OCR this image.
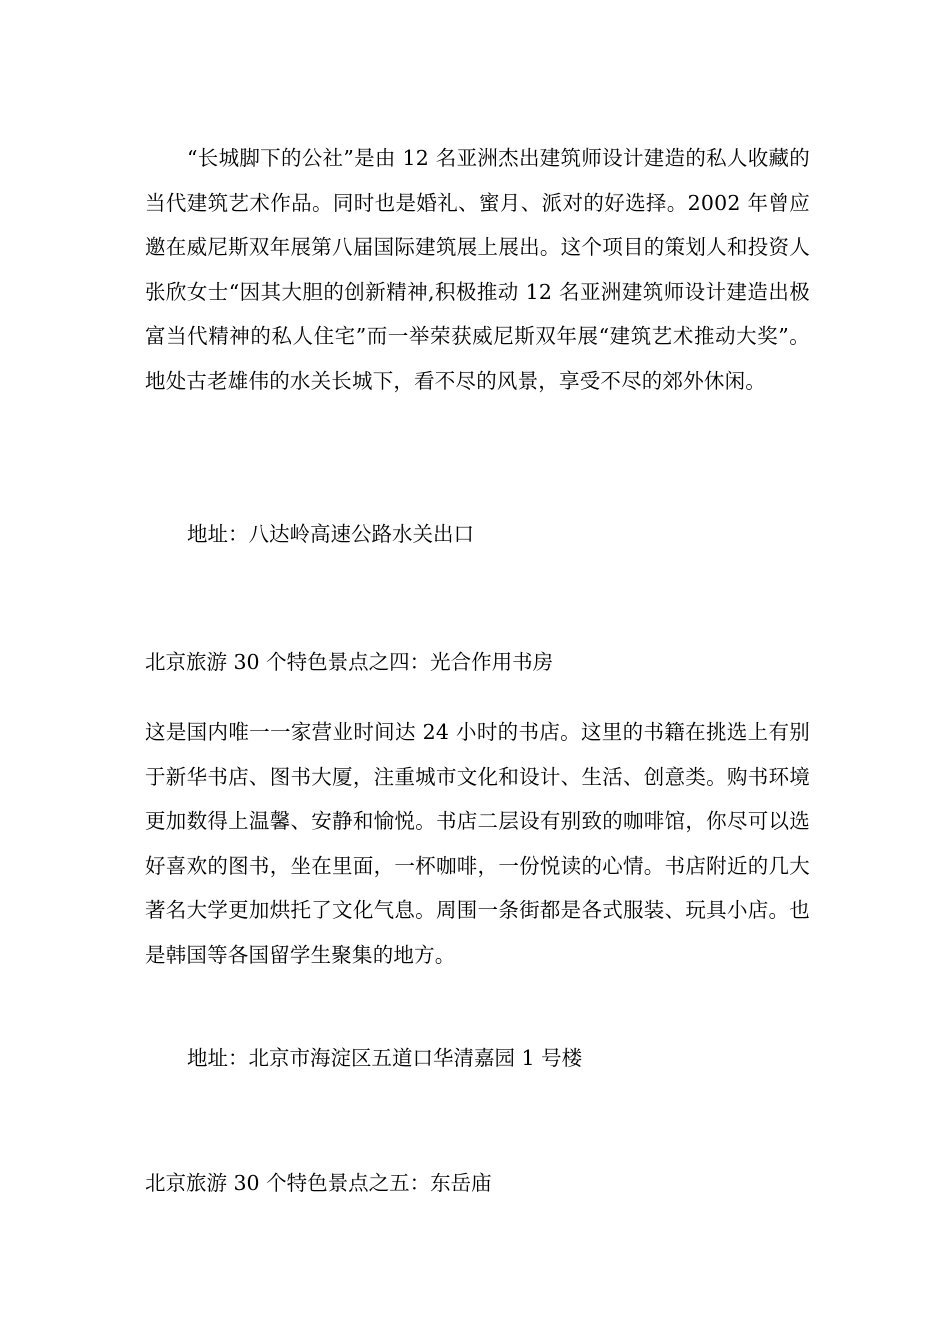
“长城脚下的公社”是由 12 名亚洲杰出建筑师设计建造的私人收藏的当代建筑艺术作品。同时也是婚礼、蜜月、派对的好选择。2002 年曾应邀在威尼斯双年展第八届国际建筑展上展出。这个项目的策划人和投资人张欣女士“因其大胆的创新精神,积极推动 12 名亚洲建筑师设计建造出极富当代精神的私人住宅”而一举荣获威尼斯双年展“建筑艺术推动大奖”。地处古老雄伟的水关长城下，看不尽的风景，享受不尽的郊外休闲。

地址：八达岭高速公路水关出口

北京旅游 30 个特色景点之四：光合作用书房

这是国内唯一一家营业时间达 24 小时的书店。这里的书籍在挑选上有别于新华书店、图书大厦，注重城市文化和设计、生活、创意类。购书环境更加数得上温馨、安静和愉悦。书店二层设有别致的咖啡馆，你尽可以选好喜欢的图书，坐在里面，一杯咖啡，一份悦读的心情。书店附近的几大著名大学更加烘托了文化气息。周围一条街都是各式服装、玩具小店。也是韩国等各国留学生聚集的地方。

地址：北京市海淀区五道口华清嘉园 1 号楼

北京旅游 30 个特色景点之五：东岳庙
